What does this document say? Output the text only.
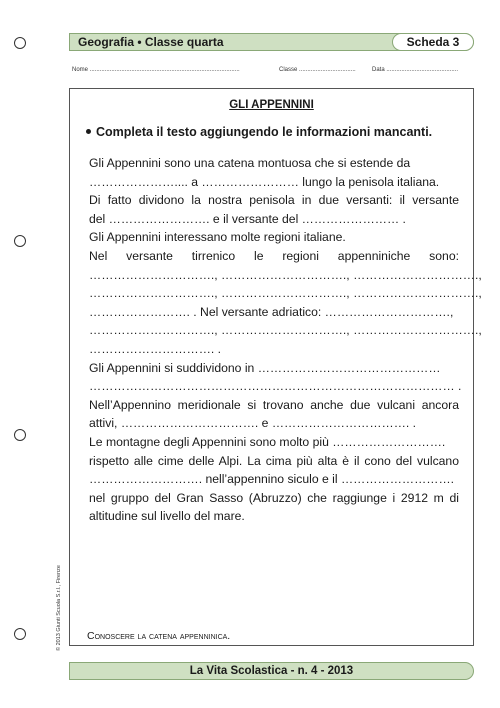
Geografia • Classe quarta	Scheda 3
Nome ..........................................................................................	Classe ..................................	Data ...........................................
GLI APPENNINI
Completa il testo aggiungendo le informazioni mancanti.
Gli Appennini sono una catena montuosa che si estende da
………………….... a …………………… lungo la penisola italiana.
Di fatto dividono la nostra penisola in due versanti: il versante
del ……………………. e il versante del …………………… .
Gli Appennini interessano molte regioni italiane.
Nel versante tirrenico le regioni appenniniche sono:
…………………………., …………………………., ………………………….,
…………………………., …………………………., ………………………….,
……………………. . Nel versante adriatico: ………………………….,
…………………………., …………………………., ………………………….,
…………………………. .
Gli Appennini si suddividono in ………………………………………
……………………………………………………………………………… .
Nell’Appennino meridionale si trovano anche due vulcani ancora
attivi, ……………………………. e ……………………………. .
Le montagne degli Appennini sono molto più ……………………….
rispetto alle cime delle Alpi. La cima più alta è il cono del vulcano
………………………. nell’appennino siculo e il ……………………….
nel gruppo del Gran Sasso (Abruzzo) che raggiunge i 2912 m di
altitudine sul livello del mare.
Conoscere la catena appenninica.
© 2013 Giunti Scuola S.r.l., Firenze
La Vita Scolastica - n. 4 - 2013
